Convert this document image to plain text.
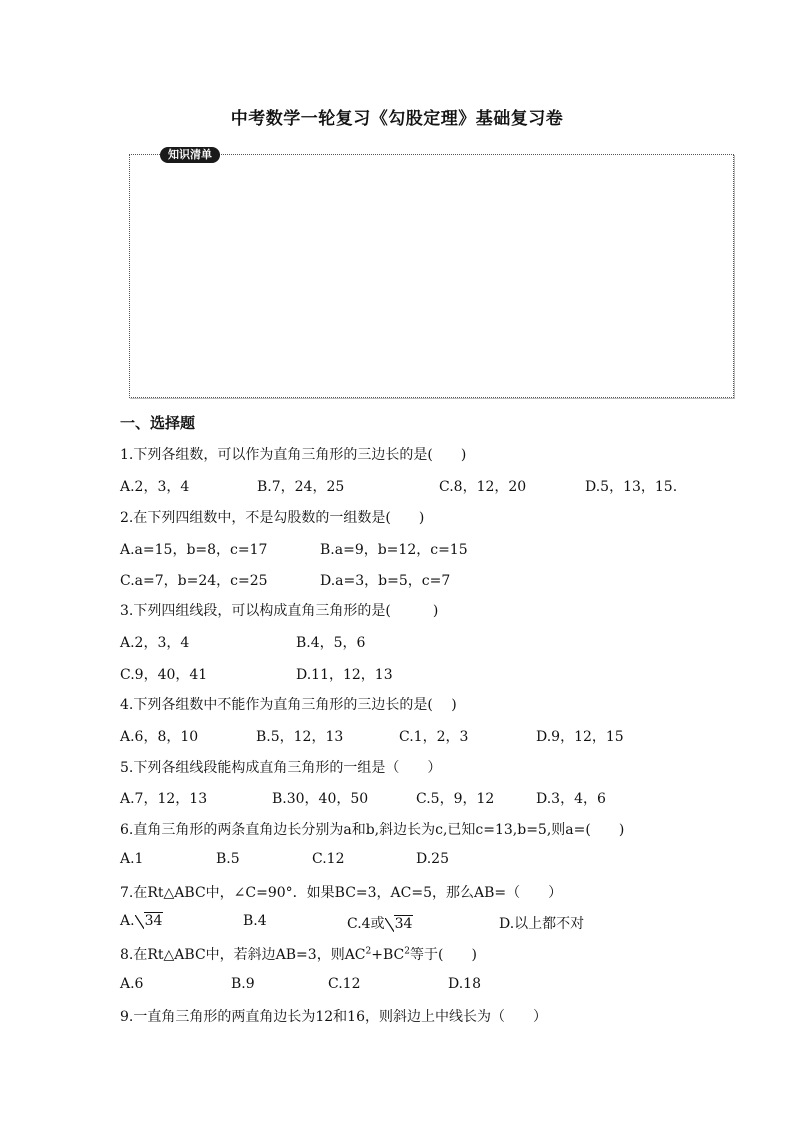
中考数学一轮复习《勾股定理》基础复习卷
知识清单
一、选择题
1.下列各组数，可以作为直角三角形的三边长的是(　　)
A.2，3，4	B.7，24，25	C.8，12，20	D.5，13，15.
2.在下列四组数中，不是勾股数的一组数是(　　)
A.a=15，b=8，c=17	B.a=9，b=12，c=15
C.a=7，b=24，c=25	D.a=3，b=5，c=7
3.下列四组线段，可以构成直角三角形的是(　　　)
A.2，3，4	B.4，5，6
C.9，40，41	D.11，12，13
4.下列各组数中不能作为直角三角形的三边长的是(　 )
A.6，8，10	B.5，12，13	C.1，2，3	D.9，12，15
5.下列各组线段能构成直角三角形的一组是（　　）
A.7，12，13	B.30，40，50	C.5，9，12	D.3，4，6
6.直角三角形的两条直角边长分别为a和b,斜边长为c,已知c=13,b=5,则a=(　　)
A.1	B.5	C.12	D.25
7.在Rt△ABC中，∠C=90°．如果BC=3，AC=5，那么AB=（　　）
A. 34	B.4	C.4或 34	D.以上都不对
8.在Rt△ABC中，若斜边AB=3，则$AC^2+BC^2$等于(　　)
A.6	B.9	C.12	D.18
9.一直角三角形的两直角边长为12和16，则斜边上中线长为（　　）
